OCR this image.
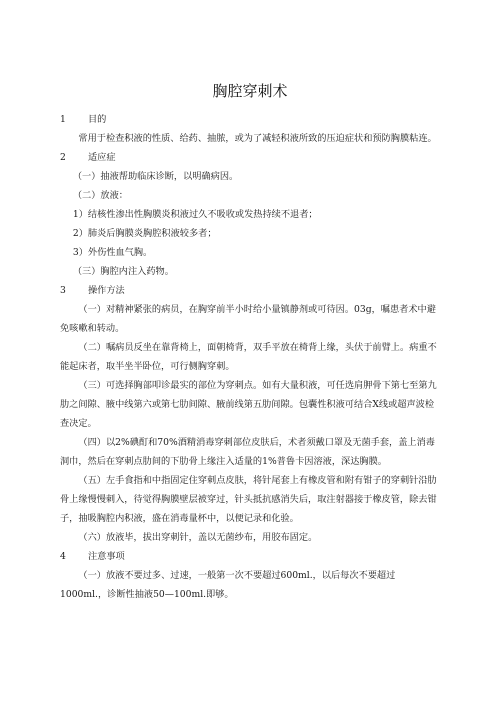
胸腔穿刺术
1	目的

常用于检查积液的性质、给药、抽脓，或为了减轻积液所致的压迫症状和预防胸膜粘连。

2	适应症

（一）抽液帮助临床诊断，以明确病因。

（二）放液：

1）结核性渗出性胸膜炎积液过久不吸收或发热持续不退者；

2）肺炎后胸膜炎胸腔积液较多者；

3）外伤性血气胸。

（三）胸腔内注入药物。

3	操作方法

（一）对精神紧张的病员，在胸穿前半小时给小量镇静剂或可待因。03g，嘱患者术中避免咳嗽和转动。

（二）嘱病员反坐在靠背椅上，面朝椅背，双手平放在椅背上缘，头伏于前臂上。病重不能起床者，取半坐半卧位，可行侧胸穿刺。

（三）可选择胸部叩诊最实的部位为穿刺点。如有大量积液，可任选肩胛骨下第七至第九肋之间隙、腋中线第六或第七肋间隙、腋前线第五肋间隙。包囊性积液可结合X线或超声波检查决定。

（四）以2%碘酊和70%酒精消毒穿刺部位皮肤后，术者须戴口罩及无菌手套，盖上消毒洞巾，然后在穿刺点肋间的下肋骨上缘注入适量的1%普鲁卡因溶液，深达胸膜。

（五）左手食指和中指固定住穿刺点皮肤，将针尾套上有橡皮管和附有钳子的穿刺针沿肋骨上缘慢慢刺入，待觉得胸膜壁层被穿过，针头抵抗感消失后，取注射器接于橡皮管，除去钳子，抽吸胸腔内积液，盛在消毒量杯中，以便记录和化验。

（六）放液毕，拔出穿刺针，盖以无菌纱布，用胶布固定。

4	注意事项

（一）放液不要过多、过速，一般第一次不要超过600ml.，以后每次不要超过1000ml.，诊断性抽液50—100ml.即够。
